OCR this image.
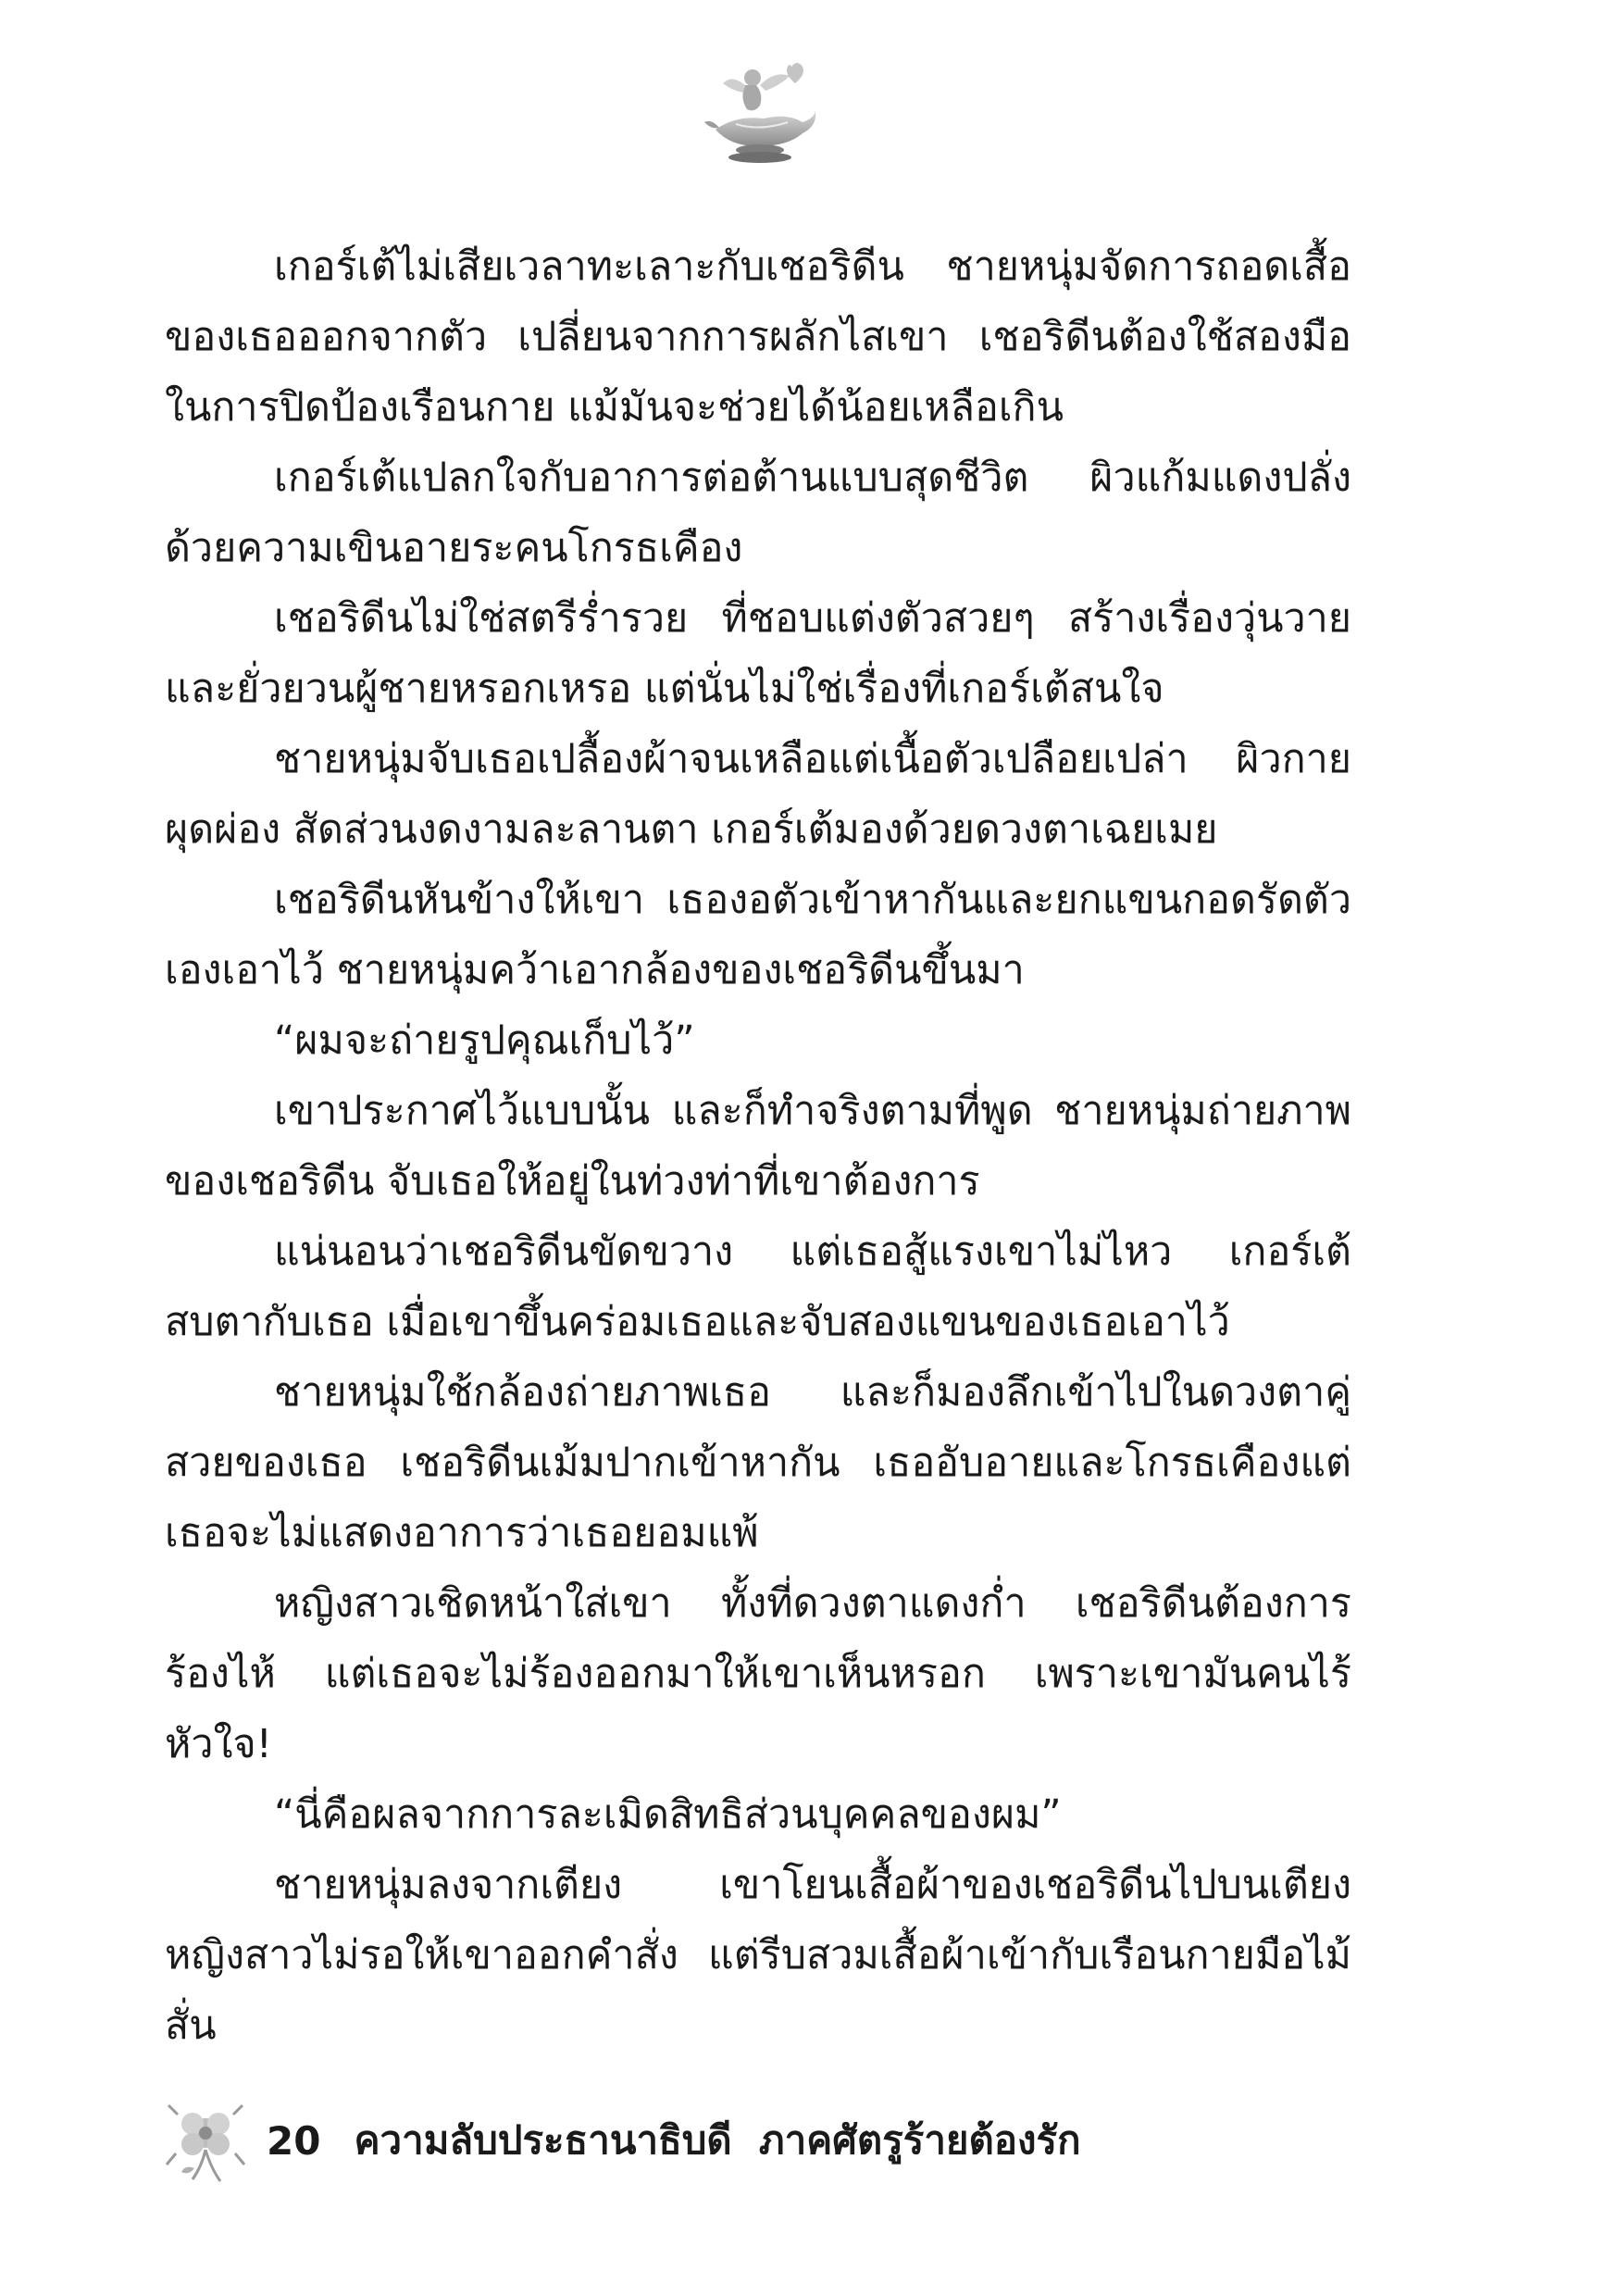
เกอร์เต้ไม่เสียเวลาทะเลาะกับเชอริดีน ชายหนุ่มจัดการถอดเสื้อของเธอออกจากตัว เปลี่ยนจากการผลักไสเขา เชอริดีนต้องใช้สองมือในการปิดป้องเรือนกาย แม้มันจะช่วยได้น้อยเหลือเกิน

เกอร์เต้แปลกใจกับอาการต่อต้านแบบสุดชีวิต ผิวแก้มแดงปลั่งด้วยความเขินอายระคนโกรธเคือง

เชอริดีนไม่ใช่สตรีร่ำรวย ที่ชอบแต่งตัวสวยๆ สร้างเรื่องวุ่นวายและยั่วยวนผู้ชายหรอกเหรอ แต่นั่นไม่ใช่เรื่องที่เกอร์เต้สนใจ

ชายหนุ่มจับเธอเปลื้องผ้าจนเหลือแต่เนื้อตัวเปลือยเปล่า ผิวกายผุดผ่อง สัดส่วนงดงามละลานตา เกอร์เต้มองด้วยดวงตาเฉยเมย

เชอริดีนหันข้างให้เขา เธองอตัวเข้าหากันและยกแขนกอดรัดตัวเองเอาไว้ ชายหนุ่มคว้าเอากล้องของเชอริดีนขึ้นมา

“ผมจะถ่ายรูปคุณเก็บไว้”

เขาประกาศไว้แบบนั้น และก็ทำจริงตามที่พูด ชายหนุ่มถ่ายภาพของเชอริดีน จับเธอให้อยู่ในท่วงท่าที่เขาต้องการ

แน่นอนว่าเชอริดีนขัดขวาง แต่เธอสู้แรงเขาไม่ไหว เกอร์เต้สบตากับเธอ เมื่อเขาขึ้นคร่อมเธอและจับสองแขนของเธอเอาไว้

ชายหนุ่มใช้กล้องถ่ายภาพเธอ และก็มองลึกเข้าไปในดวงตาคู่สวยของเธอ เชอริดีนเม้มปากเข้าหากัน เธออับอายและโกรธเคืองแต่เธอจะไม่แสดงอาการว่าเธอยอมแพ้

หญิงสาวเชิดหน้าใส่เขา ทั้งที่ดวงตาแดงก่ำ เชอริดีนต้องการร้องไห้ แต่เธอจะไม่ร้องออกมาให้เขาเห็นหรอก เพราะเขามันคนไร้หัวใจ!

“นี่คือผลจากการละเมิดสิทธิส่วนบุคคลของผม”

ชายหนุ่มลงจากเตียง เขาโยนเสื้อผ้าของเชอริดีนไปบนเตียง หญิงสาวไม่รอให้เขาออกคำสั่ง แต่รีบสวมเสื้อผ้าเข้ากับเรือนกายมือไม้สั่น

20 ความลับประธานาธิบดี  ภาคศัตรูร้ายต้องรัก
